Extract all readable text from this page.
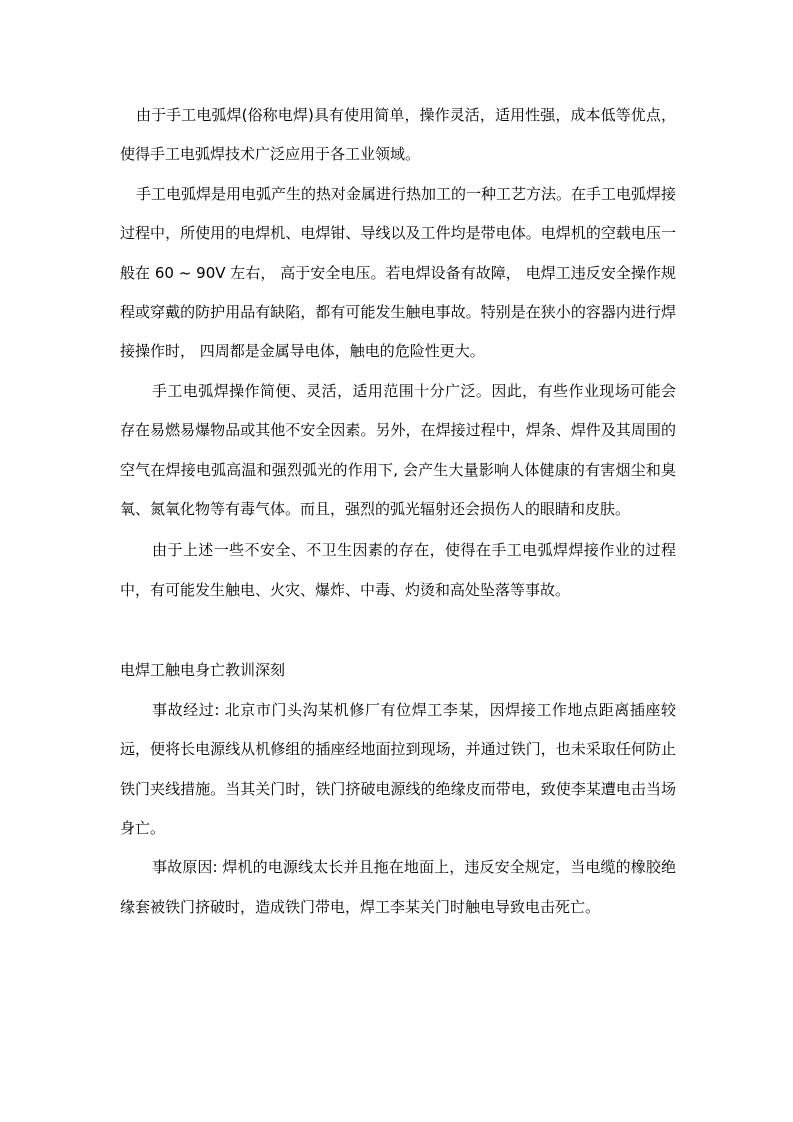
由于手工电弧焊(俗称电焊)具有使用简单，操作灵活，适用性强，成本低等优点，使得手工电弧焊技术广泛应用于各工业领域。

手工电弧焊是用电弧产生的热对金属进行热加工的一种工艺方法。在手工电弧焊接过程中，所使用的电焊机、电焊钳、导线以及工件均是带电体。电焊机的空载电压一般在 60 ~ 90V 左右， 高于安全电压。若电焊设备有故障， 电焊工违反安全操作规程或穿戴的防护用品有缺陷，都有可能发生触电事故。特别是在狭小的容器内进行焊接操作时， 四周都是金属导电体，触电的危险性更大。

手工电弧焊操作简便、灵活，适用范围十分广泛。因此，有些作业现场可能会存在易燃易爆物品或其他不安全因素。另外，在焊接过程中，焊条、焊件及其周围的空气在焊接电弧高温和强烈弧光的作用下, 会产生大量影响人体健康的有害烟尘和臭氧、氮氧化物等有毒气体。而且，强烈的弧光辐射还会损伤人的眼睛和皮肤。

由于上述一些不安全、不卫生因素的存在，使得在手工电弧焊焊接作业的过程中，有可能发生触电、火灾、爆炸、中毒、灼烫和高处坠落等事故。

电焊工触电身亡教训深刻

事故经过: 北京市门头沟某机修厂有位焊工李某，因焊接工作地点距离插座较远，便将长电源线从机修组的插座经地面拉到现场，并通过铁门，也未采取任何防止铁门夹线措施。当其关门时，铁门挤破电源线的绝缘皮而带电，致使李某遭电击当场身亡。

事故原因: 焊机的电源线太长并且拖在地面上，违反安全规定，当电缆的橡胶绝缘套被铁门挤破时，造成铁门带电，焊工李某关门时触电导致电击死亡。
